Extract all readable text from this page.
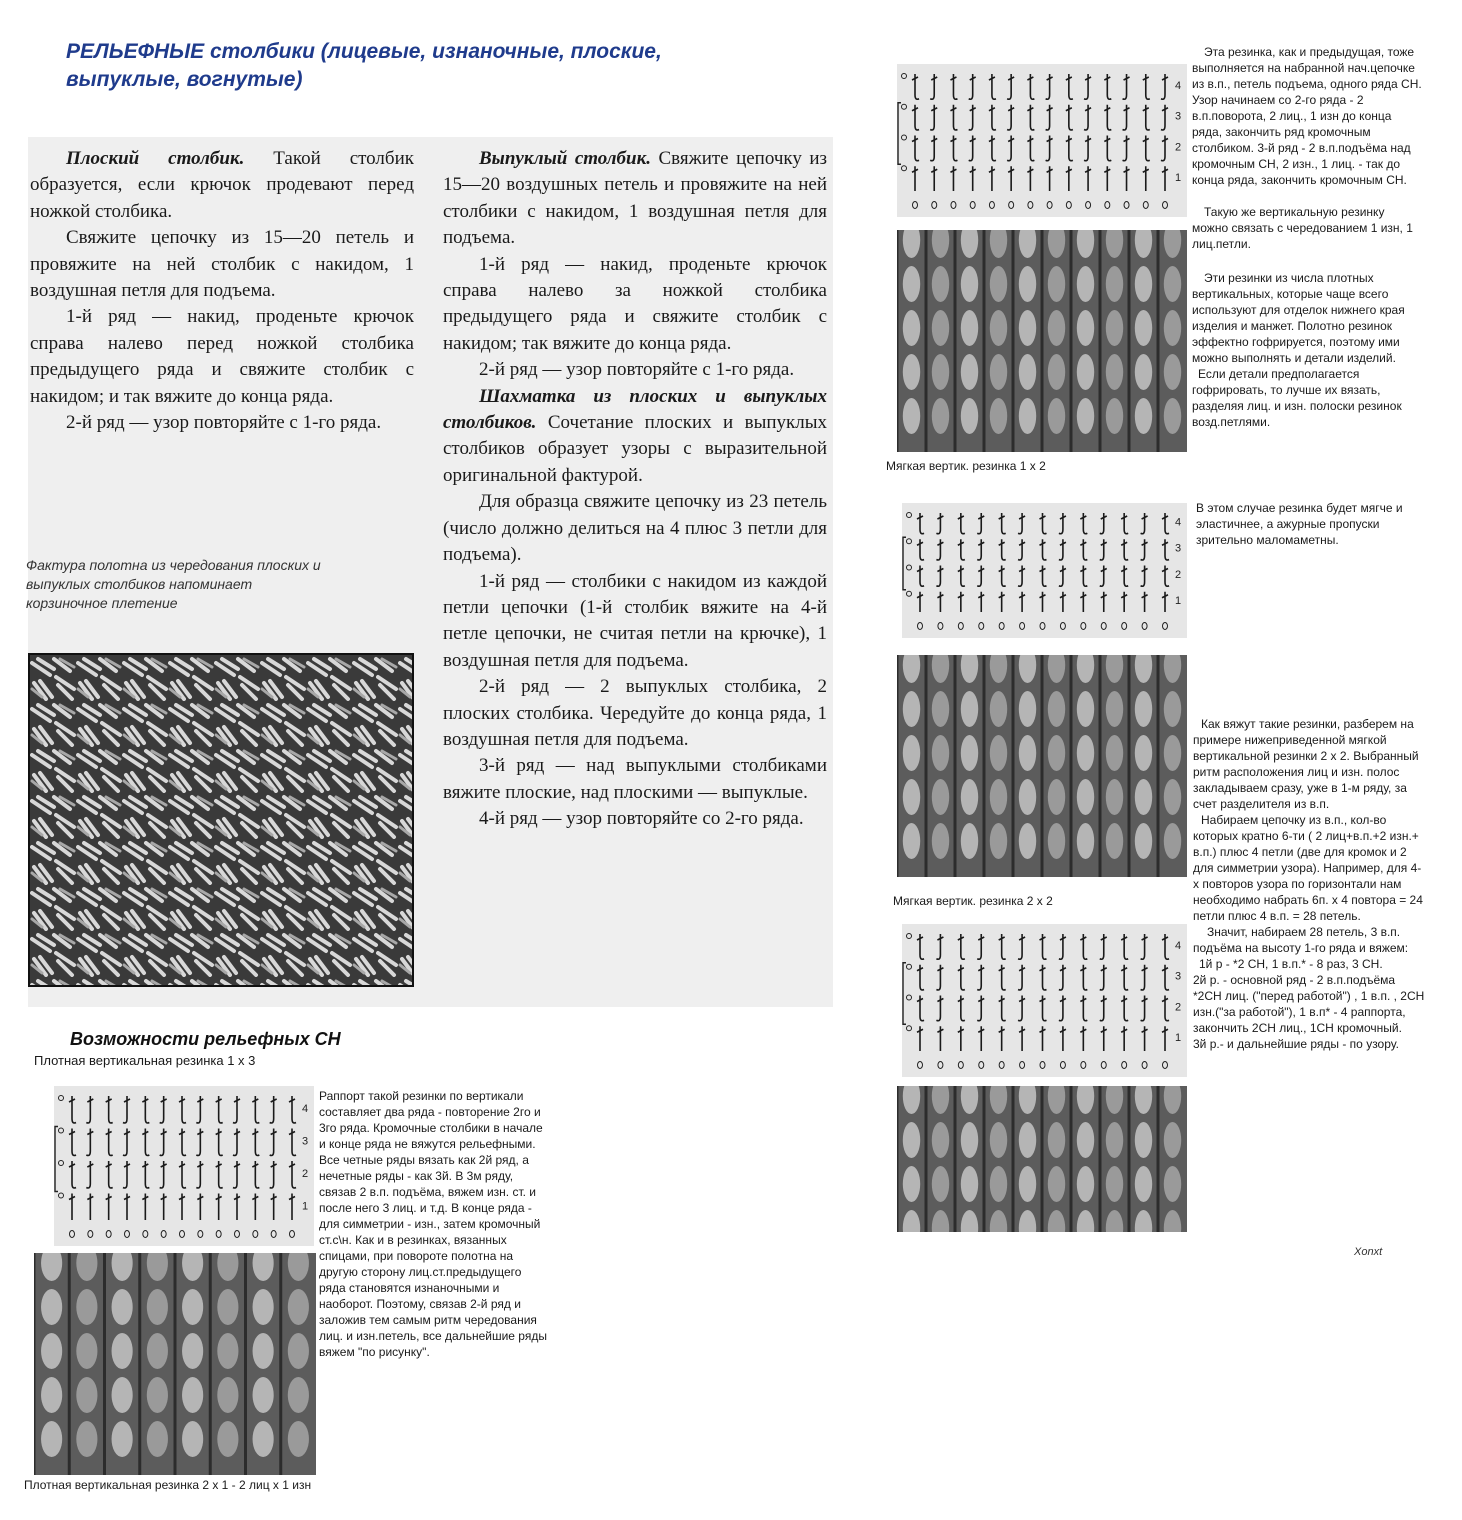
РЕЛЬЕФНЫЕ столбики (лицевые, изнаночные, плоские, выпуклые, вогнутые)

Плоский столбик. Такой столбик образуется, если крючок продевают перед ножкой столбика.

Свяжите цепочку из 15—20 петель и провяжите на ней столбик с накидом, 1 воздушная петля для подъема.

1-й ряд — накид, проденьте крючок справа налево перед ножкой столбика предыдущего ряда и свяжите столбик с накидом; и так вяжите до конца ряда.

2-й ряд — узор повторяйте с 1-го ряда.

Фактура полотна из чередования плоских и выпуклых столбиков напоминает корзиночное плетение

Выпуклый столбик. Свяжите цепочку из 15—20 воздушных петель и провяжите на ней столбики с накидом, 1 воздушная петля для подъема.

1-й ряд — накид, проденьте крючок справа налево за ножкой столбика предыдущего ряда и свяжите столбик с накидом; так вяжите до конца ряда.

2-й ряд — узор повторяйте с 1-го ряда.

Шахматка из плоских и выпуклых столбиков. Сочетание плоских и выпуклых столбиков образует узоры с выразительной оригинальной фактурой.

Для образца свяжите цепочку из 23 петель (число должно делиться на 4 плюс 3 петли для подъема).

1-й ряд — столбики с накидом из каждой петли цепочки (1-й столбик вяжите на 4-й петле цепочки, не считая петли на крючке), 1 воздушная петля для подъема.

2-й ряд — 2 выпуклых столбика, 2 плоских столбика. Чередуйте до конца ряда, 1 воздушная петля для подъема.

3-й ряд — над выпуклыми столбиками вяжите плоские, над плоскими — выпуклые.

4-й ряд — узор повторяйте со 2-го ряда.

Возможности рельефных СН
Плотная вертикальная резинка 1 х 3
4
3
2
1
Плотная вертикальная резинка 2 х 1 - 2 лиц х 1 изн
Раппорт такой резинки по вертикали составляет два ряда - повторение 2го и 3го ряда. Кромочные столбики в начале и конце ряда не вяжутся рельефными. Все четные ряды вязать как 2й ряд, а нечетные ряды - как 3й. В 3м ряду, связав 2 в.п. подъёма, вяжем изн. ст. и после него 3 лиц. и т.д. В конце ряда - для симметрии - изн., затем кромочный ст.с\н. Как и в резинках, вязанных спицами, при повороте полотна на другую сторону лиц.ст.предыдущего ряда становятся изнаночными и наоборот. Поэтому, связав 2-й ряд и заложив тем самым ритм чередования лиц. и изн.петель, все дальнейшие ряды вяжем "по рисунку".
4
3
2
1
Мягкая вертик. резинка 1 х 2

Эта резинка, как и предыдущая, тоже выполняется на набранной нач.цепочке из в.п., петель подъема, одного ряда СН. Узор начинаем со 2-го ряда - 2 в.п.поворота, 2 лиц., 1 изн до конца ряда, закончить ряд кромочным столбиком. 3-й ряд - 2 в.п.подъёма над кромочным СН, 2 изн., 1 лиц. - так до конца ряда, закончить кромочным СН.

Такую же вертикальную резинку можно связать с чередованием 1 изн, 1 лиц.петли.

Эти резинки из числа плотных вертикальных, которые чаще всего используют для отделок нижнего края изделия и манжет. Полотно резинок эффектно гофрируется, поэтому ими можно выполнять и детали изделий.

Если детали предполагается гофрировать, то лучше их вязать, разделяя лиц. и изн. полоски резинок возд.петлями.

4
3
2
1
В этом случае резинка будет мягче и эластичнее, а ажурные пропуски зрительно маломаметны.
Мягкая вертик. резинка 2 х 2
4
3
2
1

Как вяжут такие резинки, разберем на примере нижеприведенной мягкой вертикальной резинки 2 х 2. Выбранный ритм расположения лиц и изн. полос закладываем сразу, уже в 1-м ряду, за счет разделителя из в.п.

Набираем цепочку из в.п., кол-во которых кратно 6-ти ( 2 лиц+в.п.+2 изн.+ в.п.) плюс 4 петли (две для кромок и 2 для симметрии узора). Например, для 4-х повторов узора по горизонтали нам необходимо набрать 6п. х 4 повтора = 24 петли плюс 4 в.п. = 28 петель.

Значит, набираем 28 петель, 3 в.п. подъёма на высоту 1-го ряда и вяжем:

1й р - *2 СН, 1 в.п.* - 8 раз, 3 СН.

2й р. - основной ряд - 2 в.п.подъёма *2СН лиц. ("перед работой") , 1 в.п. , 2СН изн.("за работой"), 1 в.п* - 4 раппорта, закончить 2СН лиц., 1СН кромочный.

3й р.- и дальнейшие ряды - по узору.

Xonxt
